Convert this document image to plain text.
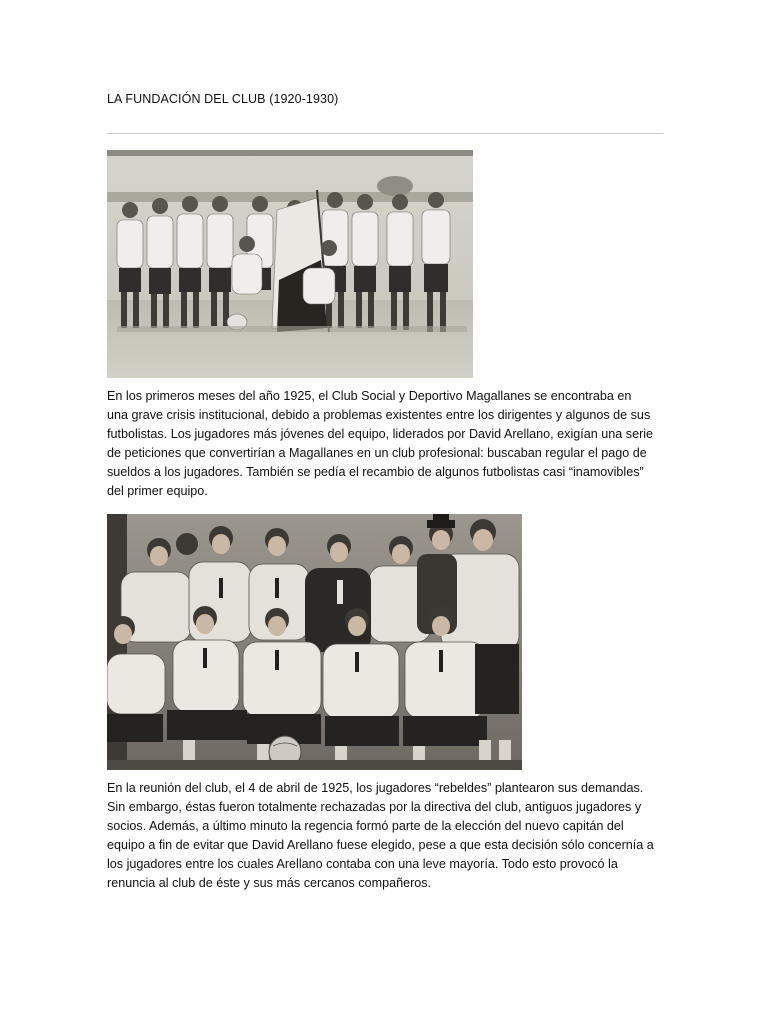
LA FUNDACIÓN DEL CLUB (1920-1930)

En los primeros meses del año 1925, el Club Social y Deportivo Magallanes se encontraba en una grave crisis institucional, debido a problemas existentes entre los dirigentes y algunos de sus futbolistas. Los jugadores más jóvenes del equipo, liderados por David Arellano, exigían una serie de peticiones que convertirían a Magallanes en un club profesional: buscaban regular el pago de sueldos a los jugadores. También se pedía el recambio de algunos futbolistas casi “inamovibles” del primer equipo.

En la reunión del club, el 4 de abril de 1925, los jugadores “rebeldes” plantearon sus demandas. Sin embargo, éstas fueron totalmente rechazadas por la directiva del club, antiguos jugadores y socios. Además, a último minuto la regencia formó parte de la elección del nuevo capitán del equipo a fin de evitar que David Arellano fuese elegido, pese a que esta decisión sólo concernía a los jugadores entre los cuales Arellano contaba con una leve mayoría. Todo esto provocó la renuncia al club de éste y sus más cercanos compañeros.
